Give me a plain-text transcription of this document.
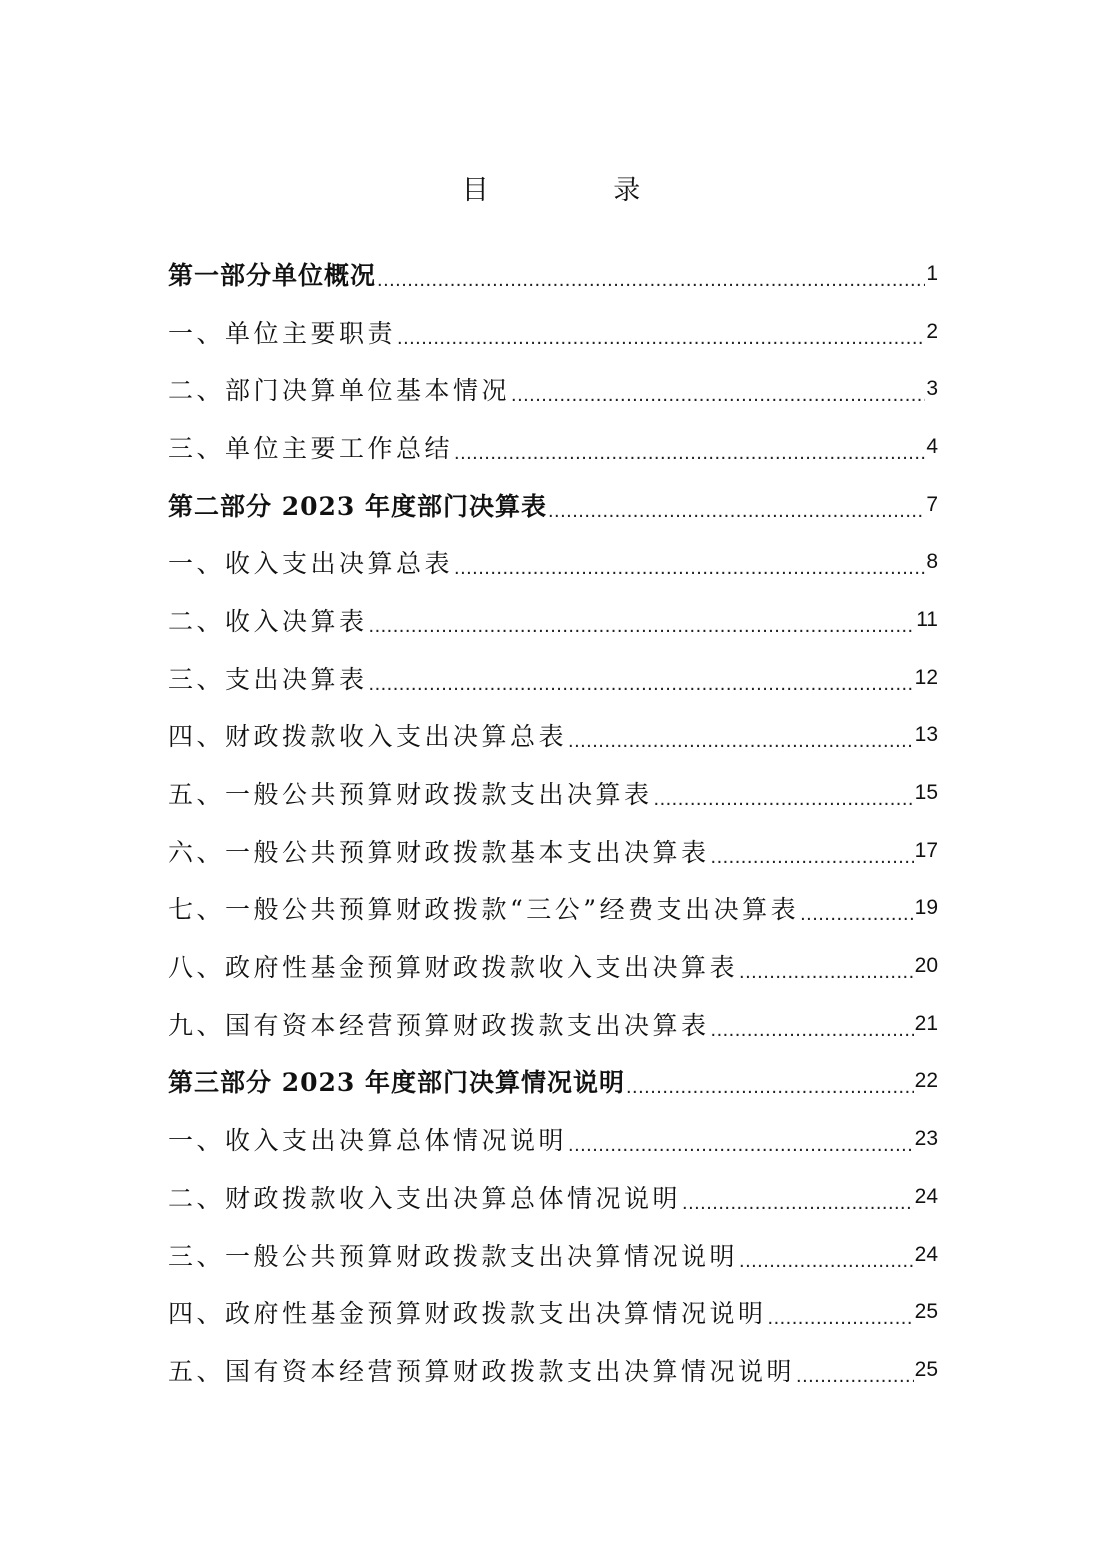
目 录
第一部分单位概况 .....	1
一、单位主要职责 .....	2
二、部门决算单位基本情况 .....	3
三、单位主要工作总结 .....	4
第二部分 2023 年度部门决算表 .....	7
一、收入支出决算总表 .....	8
二、收入决算表 .....	11
三、支出决算表 .....	12
四、财政拨款收入支出决算总表 .....	13
五、一般公共预算财政拨款支出决算表 .....	15
六、一般公共预算财政拨款基本支出决算表 .....	17
七、一般公共预算财政拨款“三公”经费支出决算表 .....	19
八、政府性基金预算财政拨款收入支出决算表 .....	20
九、国有资本经营预算财政拨款支出决算表 .....	21
第三部分 2023 年度部门决算情况说明 .....	22
一、收入支出决算总体情况说明 .....	23
二、财政拨款收入支出决算总体情况说明 .....	24
三、一般公共预算财政拨款支出决算情况说明 .....	24
四、政府性基金预算财政拨款支出决算情况说明 .....	25
五、国有资本经营预算财政拨款支出决算情况说明 .....	25
